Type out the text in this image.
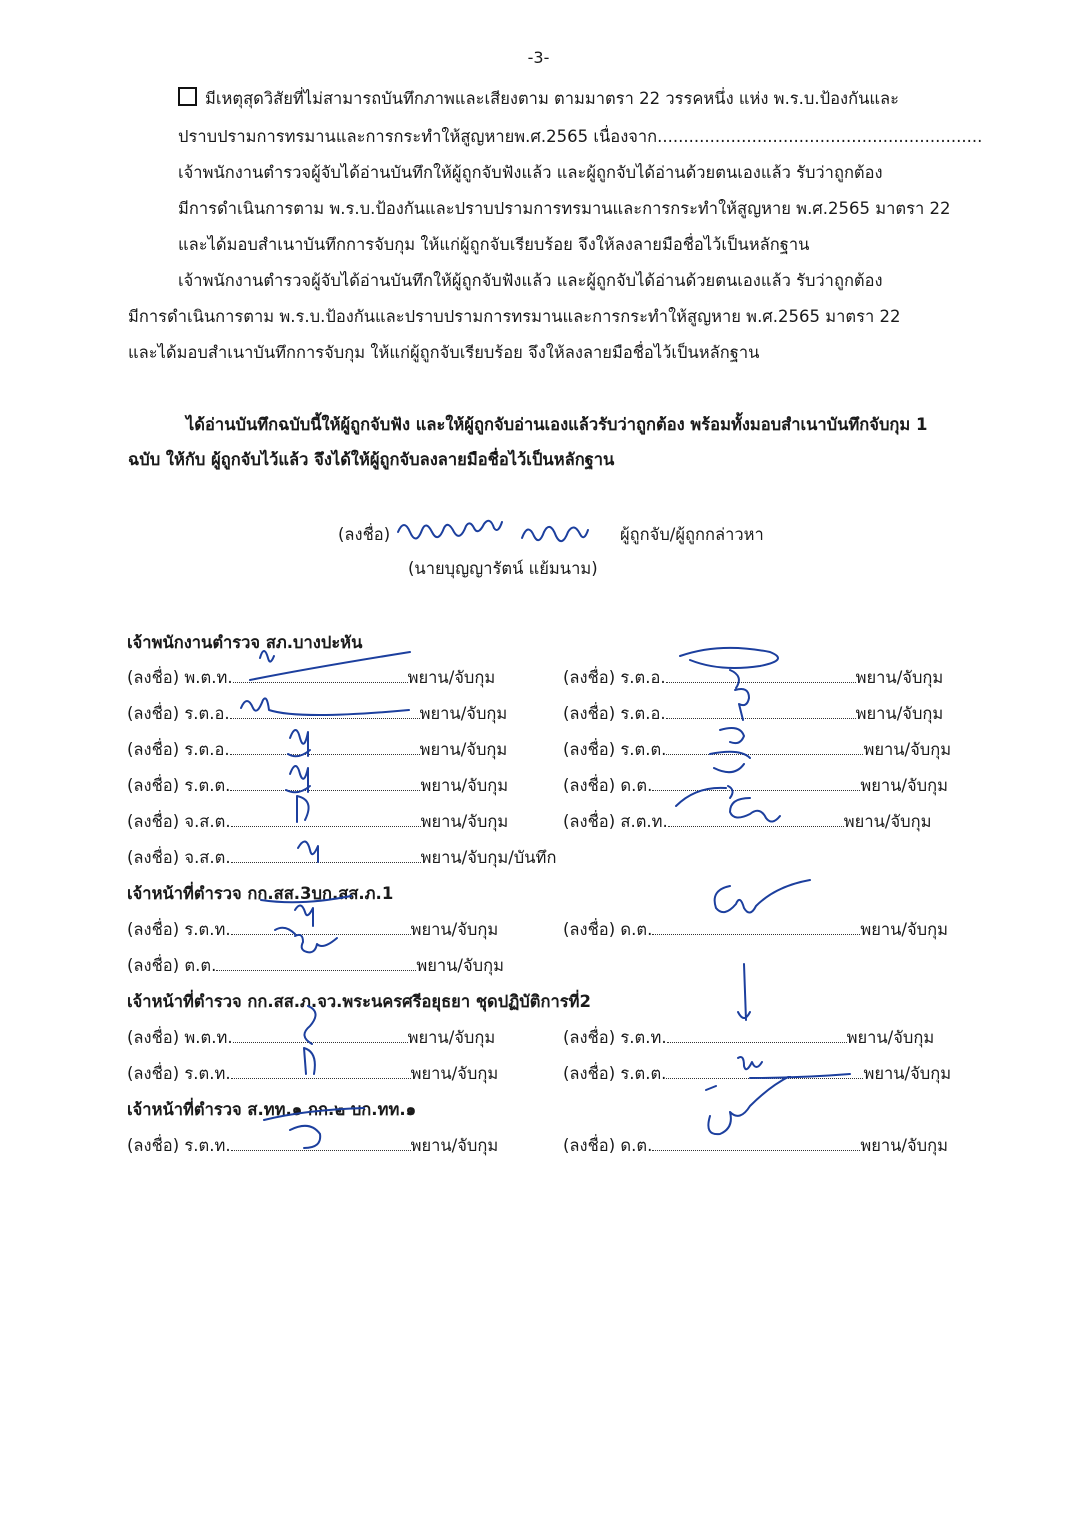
-3-
มีเหตุสุดวิสัยที่ไม่สามารถบันทึกภาพและเสียงตาม ตามมาตรา 22 วรรคหนึ่ง แห่ง พ.ร.บ.ป้องกันและ
ปราบปรามการทรมานและการกระทำให้สูญหายพ.ศ.2565 เนื่องจาก..............................................................
เจ้าพนักงานตำรวจผู้จับได้อ่านบันทึกให้ผู้ถูกจับฟังแล้ว และผู้ถูกจับได้อ่านด้วยตนเองแล้ว รับว่าถูกต้อง
มีการดำเนินการตาม พ.ร.บ.ป้องกันและปราบปรามการทรมานและการกระทำให้สูญหาย พ.ศ.2565 มาตรา 22
และได้มอบสำเนาบันทึกการจับกุม ให้แก่ผู้ถูกจับเรียบร้อย จึงให้ลงลายมือชื่อไว้เป็นหลักฐาน
เจ้าพนักงานตำรวจผู้จับได้อ่านบันทึกให้ผู้ถูกจับฟังแล้ว และผู้ถูกจับได้อ่านด้วยตนเองแล้ว รับว่าถูกต้อง
มีการดำเนินการตาม พ.ร.บ.ป้องกันและปราบปรามการทรมานและการกระทำให้สูญหาย พ.ศ.2565 มาตรา 22
และได้มอบสำเนาบันทึกการจับกุม ให้แก่ผู้ถูกจับเรียบร้อย จึงให้ลงลายมือชื่อไว้เป็นหลักฐาน
ได้อ่านบันทึกฉบับนี้ให้ผู้ถูกจับฟัง และให้ผู้ถูกจับอ่านเองแล้วรับว่าถูกต้อง พร้อมทั้งมอบสำเนาบันทึกจับกุม 1
ฉบับ ให้กับ ผู้ถูกจับไว้แล้ว จึงได้ให้ผู้ถูกจับลงลายมือชื่อไว้เป็นหลักฐาน
(ลงชื่อ)	ผู้ถูกจับ/ผู้ถูกกล่าวหา
(นายบุญญารัตน์ แย้มนาม)
เจ้าพนักงานตำรวจ สภ.บางปะหัน
(ลงชื่อ) พ.ต.ท.	พยาน/จับกุม	(ลงชื่อ) ร.ต.อ.	พยาน/จับกุม
(ลงชื่อ) ร.ต.อ.	พยาน/จับกุม	(ลงชื่อ) ร.ต.อ.	พยาน/จับกุม
(ลงชื่อ) ร.ต.อ.	พยาน/จับกุม	(ลงชื่อ) ร.ต.ต.	พยาน/จับกุม
(ลงชื่อ) ร.ต.ต.	พยาน/จับกุม	(ลงชื่อ) ด.ต.	พยาน/จับกุม
(ลงชื่อ) จ.ส.ต.	พยาน/จับกุม	(ลงชื่อ) ส.ต.ท.	พยาน/จับกุม
(ลงชื่อ) จ.ส.ต.	พยาน/จับกุม/บันทึก
เจ้าหน้าที่ตำรวจ กก.สส.3บก.สส.ภ.1
(ลงชื่อ) ร.ต.ท.	พยาน/จับกุม	(ลงชื่อ) ด.ต.	พยาน/จับกุม
(ลงชื่อ) ต.ต.	พยาน/จับกุม
เจ้าหน้าที่ตำรวจ กก.สส.ภ.จว.พระนครศรีอยุธยา ชุดปฏิบัติการที่2
(ลงชื่อ) พ.ต.ท.	พยาน/จับกุม	(ลงชื่อ) ร.ต.ท.	พยาน/จับกุม
(ลงชื่อ) ร.ต.ท.	พยาน/จับกุม	(ลงชื่อ) ร.ต.ต.	พยาน/จับกุม
เจ้าหน้าที่ตำรวจ ส.ทท.๑ กก.๒ บก.ทท.๑
(ลงชื่อ) ร.ต.ท.	พยาน/จับกุม	(ลงชื่อ) ด.ต.	พยาน/จับกุม
